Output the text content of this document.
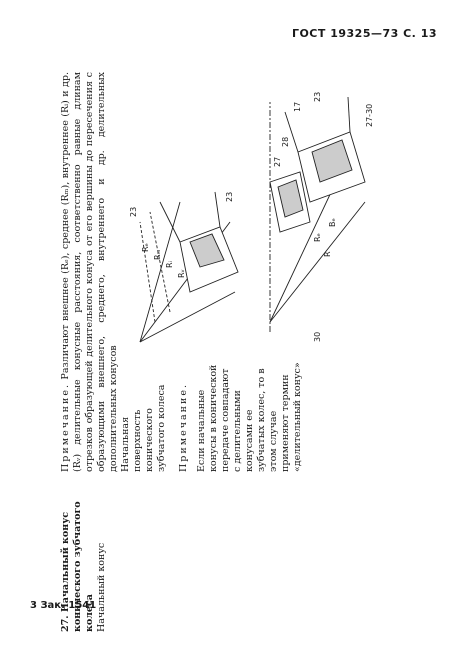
ГОСТ 19325—73 С. 13
27. Начальный конус конического зубчатого колеса Начальный конус
Примечание. Различают внешнее (Rₑ), среднее (Rₘ), внутреннее (Rᵢ) и др. (Rᵥ) делительные конусные расстояния, соответственно равные длинам отрезков образующей делительного конуса от его вершины до пересечения с образующими внешнего, среднего, внутреннего и др. делительных дополнительных конусов Начальная поверхность конического зубчатого колеса Примечание. Если начальные конусы в конической передаче совпадают с делительными конусами ее зубчатых колес, то в этом случае применяют термин «делительный конус»
23
Rₑ
Rₘ
Rᵢ
Rᵥ
23
28
27
Rₑ
R
Bₑ
27-30
30
17
23
3 Зак. 1541
